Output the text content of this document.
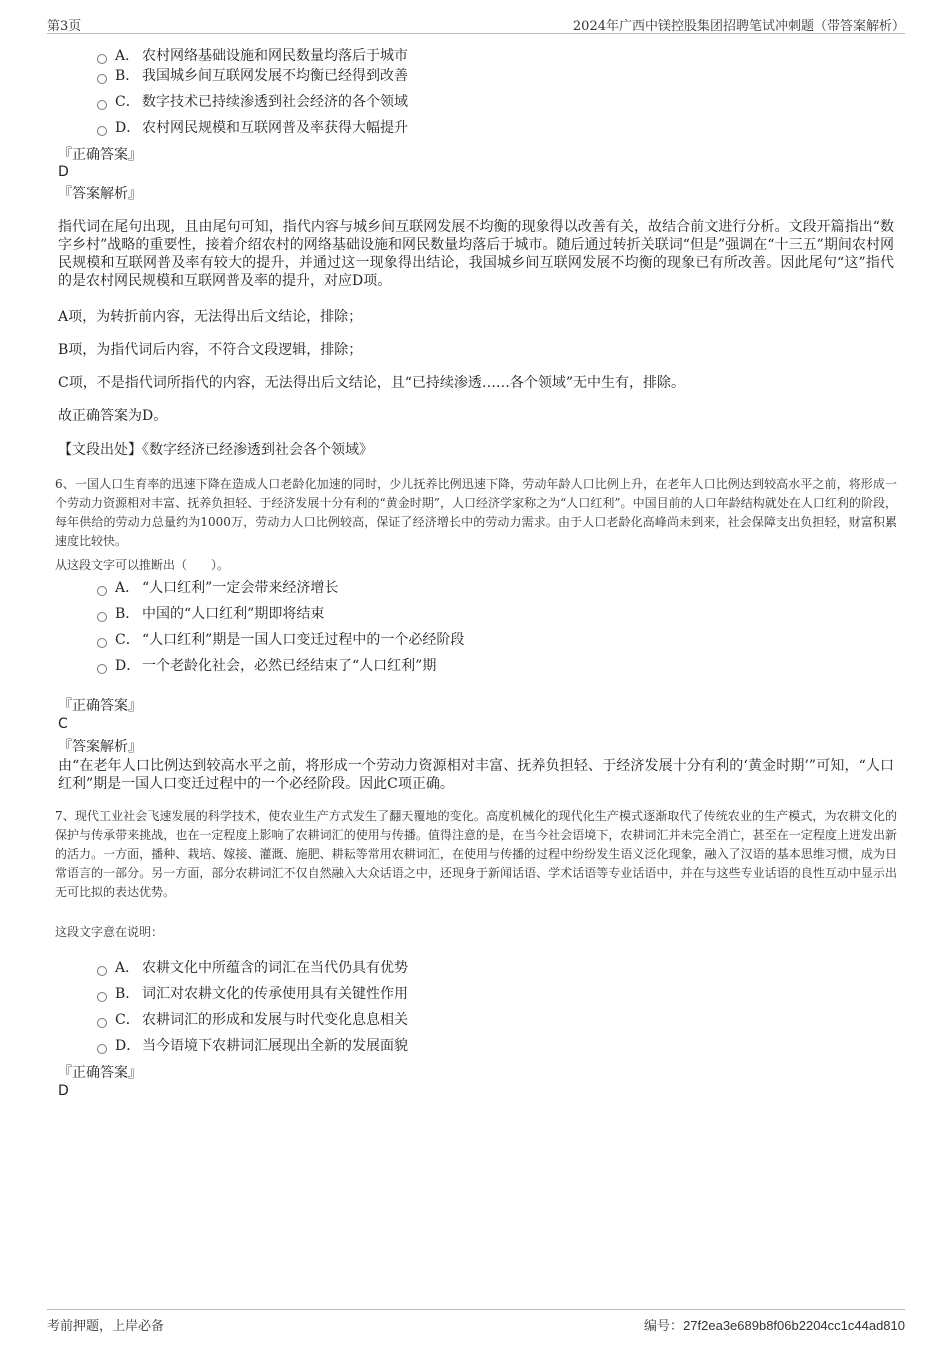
第3页	2024年广西中镁控股集团招聘笔试冲刺题（带答案解析）
A． 农村网络基础设施和网民数量均落后于城市
B． 我国城乡间互联网发展不均衡已经得到改善
C． 数字技术已持续渗透到社会经济的各个领域
D． 农村网民规模和互联网普及率获得大幅提升
『正确答案』
D
『答案解析』
指代词在尾句出现，且由尾句可知，指代内容与城乡间互联网发展不均衡的现象得以改善有关，故结合前文进行分析。文段开篇指出“数字乡村”战略的重要性，接着介绍农村的网络基础设施和网民数量均落后于城市。随后通过转折关联词“但是”强调在“十三五”期间农村网民规模和互联网普及率有较大的提升，并通过这一现象得出结论，我国城乡间互联网发展不均衡的现象已有所改善。因此尾句“这”指代的是农村网民规模和互联网普及率的提升，对应D项。
A项，为转折前内容，无法得出后文结论，排除；
B项，为指代词后内容，不符合文段逻辑，排除；
C项，不是指代词所指代的内容，无法得出后文结论，且“已持续渗透……各个领域”无中生有，排除。
故正确答案为D。
【文段出处】《数字经济已经渗透到社会各个领域》
6、一国人口生育率的迅速下降在造成人口老龄化加速的同时，少儿抚养比例迅速下降，劳动年龄人口比例上升，在老年人口比例达到较高水平之前，将形成一个劳动力资源相对丰富、抚养负担轻、于经济发展十分有利的“黄金时期”，人口经济学家称之为“人口红利”。中国目前的人口年龄结构就处在人口红利的阶段，每年供给的劳动力总量约为1000万，劳动力人口比例较高，保证了经济增长中的劳动力需求。由于人口老龄化高峰尚未到来，社会保障支出负担轻，财富积累速度比较快。
从这段文字可以推断出（　　）。
A． “人口红利”一定会带来经济增长
B． 中国的“人口红利”期即将结束
C． “人口红利”期是一国人口变迁过程中的一个必经阶段
D． 一个老龄化社会，必然已经结束了“人口红利”期
『正确答案』
C
『答案解析』
由“在老年人口比例达到较高水平之前，将形成一个劳动力资源相对丰富、抚养负担轻、于经济发展十分有利的‘黄金时期’”可知，“人口红利”期是一国人口变迁过程中的一个必经阶段。因此C项正确。
7、现代工业社会飞速发展的科学技术，使农业生产方式发生了翻天覆地的变化。高度机械化的现代化生产模式逐渐取代了传统农业的生产模式，为农耕文化的保护与传承带来挑战，也在一定程度上影响了农耕词汇的使用与传播。值得注意的是，在当今社会语境下，农耕词汇并未完全消亡，甚至在一定程度上迸发出新的活力。一方面，播种、栽培、嫁接、灌溉、施肥、耕耘等常用农耕词汇，在使用与传播的过程中纷纷发生语义泛化现象，融入了汉语的基本思维习惯，成为日常语言的一部分。另一方面，部分农耕词汇不仅自然融入大众话语之中，还现身于新闻话语、学术话语等专业话语中，并在与这些专业话语的良性互动中显示出无可比拟的表达优势。
这段文字意在说明：
A． 农耕文化中所蕴含的词汇在当代仍具有优势
B． 词汇对农耕文化的传承使用具有关键性作用
C． 农耕词汇的形成和发展与时代变化息息相关
D． 当今语境下农耕词汇展现出全新的发展面貌
『正确答案』
D
考前押题，上岸必备	编号：27f2ea3e689b8f06b2204cc1c44ad810
